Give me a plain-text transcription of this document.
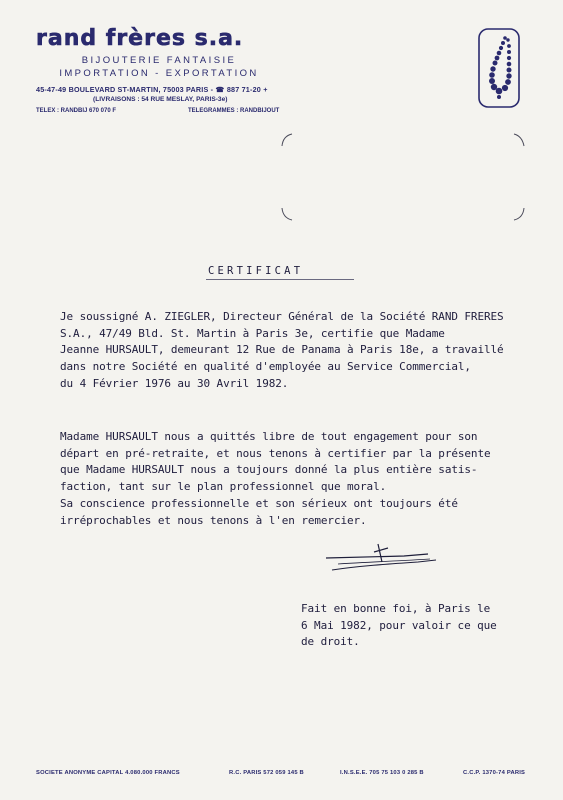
rand frères s.a.
BIJOUTERIE FANTAISIE
IMPORTATION - EXPORTATION
45-47-49 BOULEVARD ST-MARTIN, 75003 PARIS - ☎ 887 71-20 +
(LIVRAISONS : 54 RUE MESLAY, PARIS-3e)
TELEX : RANDBIJ 670 070 F	TELEGRAMMES : RANDBIJOUT
CERTIFICAT
Je soussigné A. ZIEGLER, Directeur Général de la Société RAND FRERES
S.A., 47/49 Bld. St. Martin à Paris 3e, certifie que Madame
Jeanne HURSAULT, demeurant 12 Rue de Panama à Paris 18e, a travaillé
dans notre Société en qualité d'employée au Service Commercial,
du 4 Février 1976 au 30 Avril 1982.
Madame HURSAULT nous a quittés libre de tout engagement pour son
départ en pré-retraite, et nous tenons à certifier par la présente
que Madame HURSAULT nous a toujours donné la plus entière satis-
faction, tant sur le plan professionnel que moral.
Sa conscience professionnelle et son sérieux ont toujours été
irréprochables et nous tenons à l'en remercier.
Fait en bonne foi, à Paris le
6 Mai 1982, pour valoir ce que
de droit.
SOCIETE ANONYME CAPITAL 4.080.000 FRANCS	R.C. PARIS 572 059 145 B	I.N.S.E.E. 705 75 103 0 285 B	C.C.P. 1370-74 PARIS
